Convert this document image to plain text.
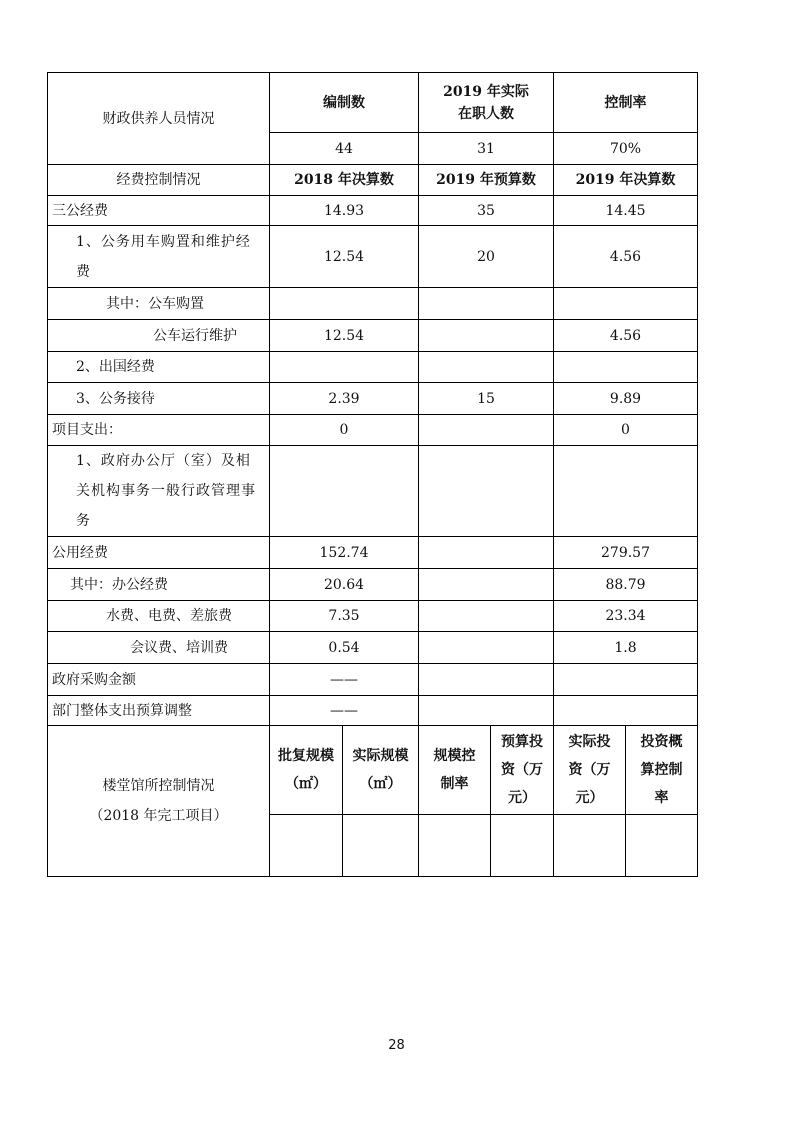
财政供养人员情况	编制数		2019 年实际在职人数		控制率	
	44		31		70%	
经费控制情况	2018 年决算数		2019 年预算数		2019 年决算数	
三公经费	14.93		35		14.45	
1、公务用车购置和维护经费	12.54		20		4.56	
其中：公车购置						
公车运行维护	12.54				4.56	
2、出国经费						
3、公务接待	2.39		15		9.89	
项目支出：	0				0	
1、政府办公厅（室）及相关机构事务一般行政管理事务						
公用经费	152.74				279.57	
其中：办公经费	20.64				88.79	
水费、电费、差旅费	7.35				23.34	
会议费、培训费	0.54				1.8	
政府采购金额	——					
部门整体支出预算调整	——					

楼堂馆所控制情况
（2018 年完工项目）	批复规模（㎡）	实际规模（㎡）	规模控制率	预算投资（万元）	实际投资（万元）	投资概算控制率

28
